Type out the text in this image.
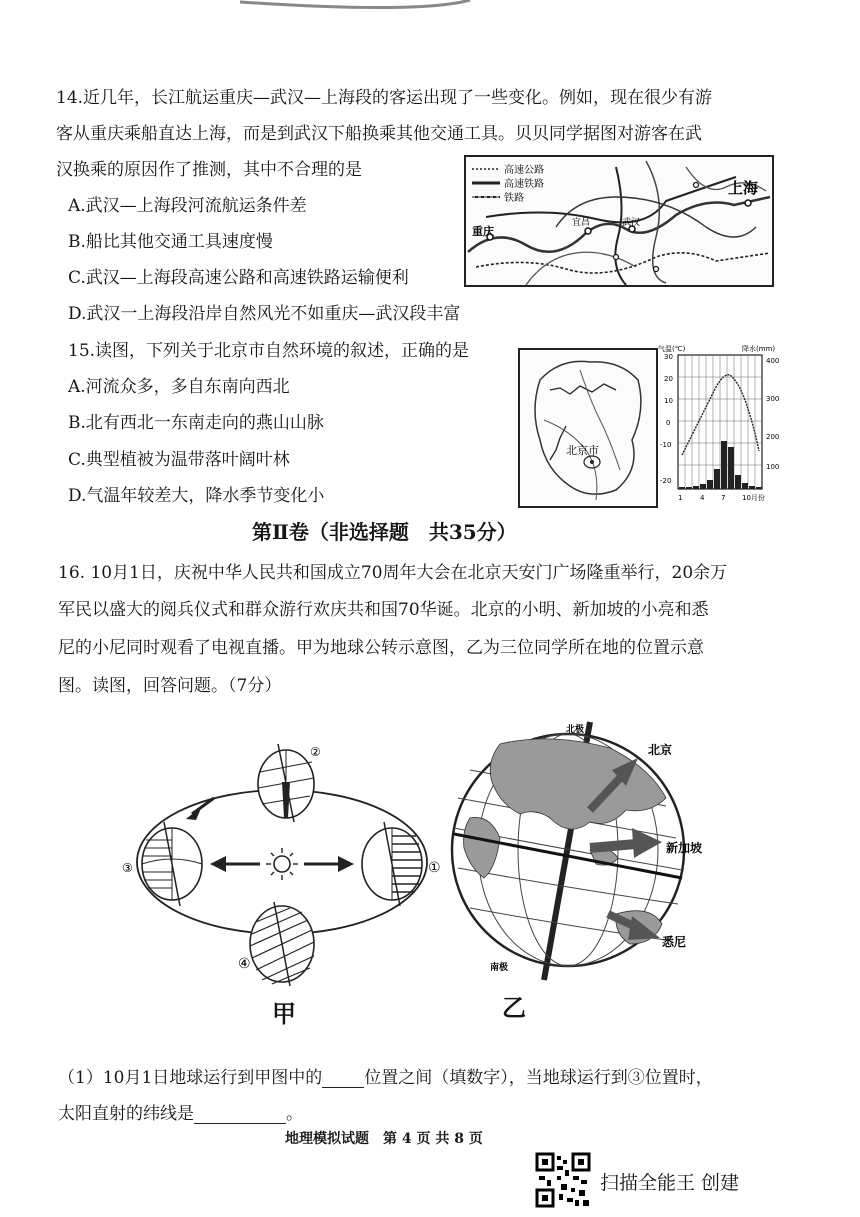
14.近几年，长江航运重庆—武汉—上海段的客运出现了一些变化。例如，现在很少有游
客从重庆乘船直达上海，而是到武汉下船换乘其他交通工具。贝贝同学据图对游客在武
汉换乘的原因作了推测，其中不合理的是
A.武汉—上海段河流航运条件差
B.船比其他交通工具速度慢
C.武汉—上海段高速公路和高速铁路运输便利
D.武汉一上海段沿岸自然风光不如重庆—武汉段丰富
高速公路
高速铁路
铁路
重庆
宜昌	武汉
上海
15.读图，下列关于北京市自然环境的叙述，正确的是
A.河流众多，多自东南向西北
B.北有西北一东南走向的燕山山脉
C.典型植被为温带落叶阔叶林
D.气温年较差大，降水季节变化小
北京市
气温(℃)	降水(mm)
30
20
10
0
-10
-20
400
300
200
100
1	4 7 10月份
第Ⅱ卷（非选择题　共35分）
16. 10月1日，庆祝中华人民共和国成立70周年大会在北京天安门广场隆重举行，20余万
军民以盛大的阅兵仪式和群众游行欢庆共和国70华诞。北京的小明、新加坡的小亮和悉
尼的小尼同时观看了电视直播。甲为地球公转示意图，乙为三位同学所在地的位置示意
图。读图，回答问题。（7分）
②
③	①
④
甲
北极
南极
北京
新加坡
悉尼
乙
（1）10月1日地球运行到甲图中的 位置之间（填数字），当地球运行到③位置时，
太阳直射的纬线是	。
地理模拟试题　第 4 页 共 8 页
扫描全能王 创建
